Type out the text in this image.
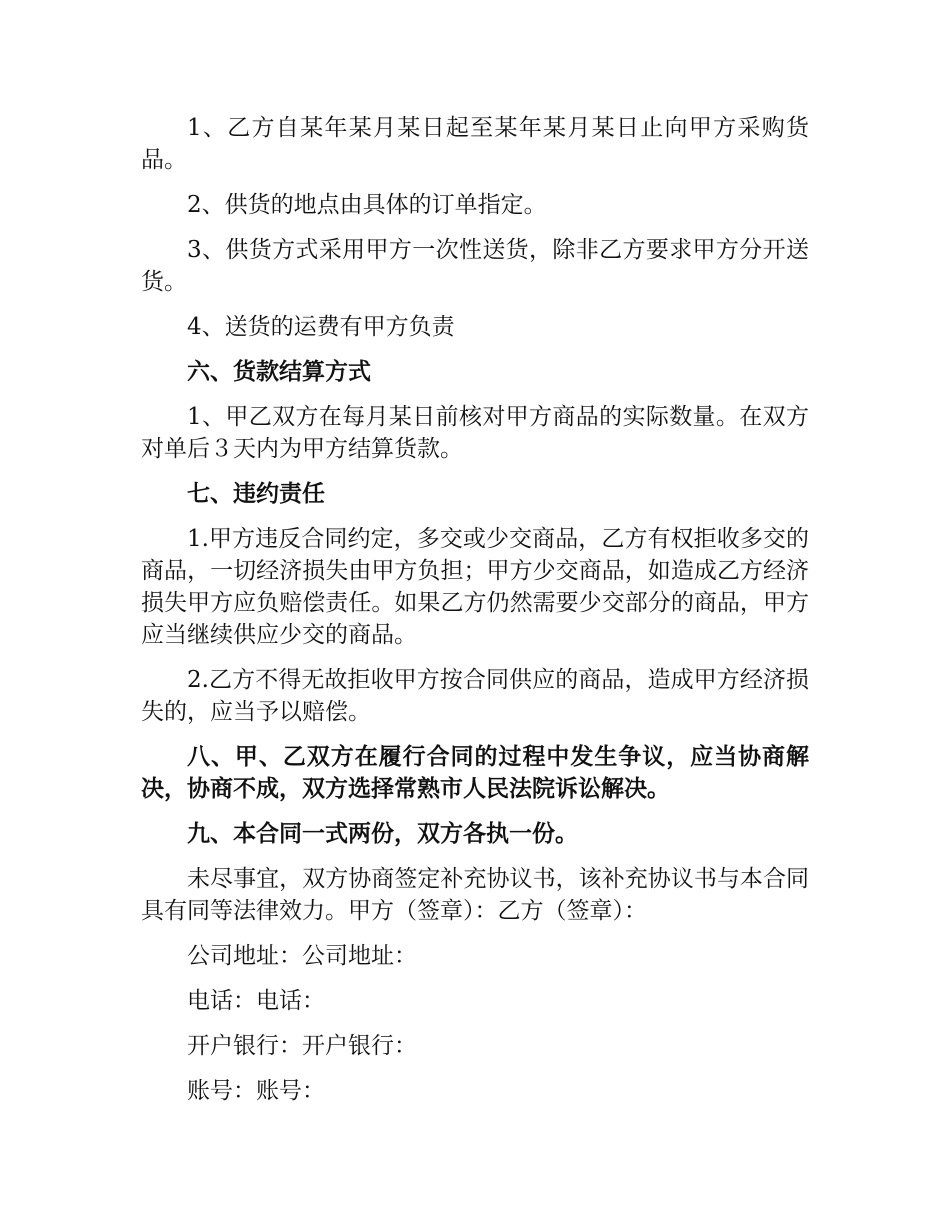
1、乙方自某年某月某日起至某年某月某日止向甲方采购货品。

2、供货的地点由具体的订单指定。

3、供货方式采用甲方一次性送货，除非乙方要求甲方分开送货。

4、送货的运费有甲方负责

六、货款结算方式

1、甲乙双方在每月某日前核对甲方商品的实际数量。在双方对单后３天内为甲方结算货款。

七、违约责任

1.甲方违反合同约定，多交或少交商品，乙方有权拒收多交的商品，一切经济损失由甲方负担；甲方少交商品，如造成乙方经济损失甲方应负赔偿责任。如果乙方仍然需要少交部分的商品，甲方应当继续供应少交的商品。

2.乙方不得无故拒收甲方按合同供应的商品，造成甲方经济损失的，应当予以赔偿。

八、甲、乙双方在履行合同的过程中发生争议，应当协商解决，协商不成，双方选择常熟市人民法院诉讼解决。

九、本合同一式两份，双方各执一份。

未尽事宜，双方协商签定补充协议书，该补充协议书与本合同具有同等法律效力。甲方（签章）：乙方（签章）：

公司地址：公司地址：

电话：电话：

开户银行：开户银行：

账号：账号：
